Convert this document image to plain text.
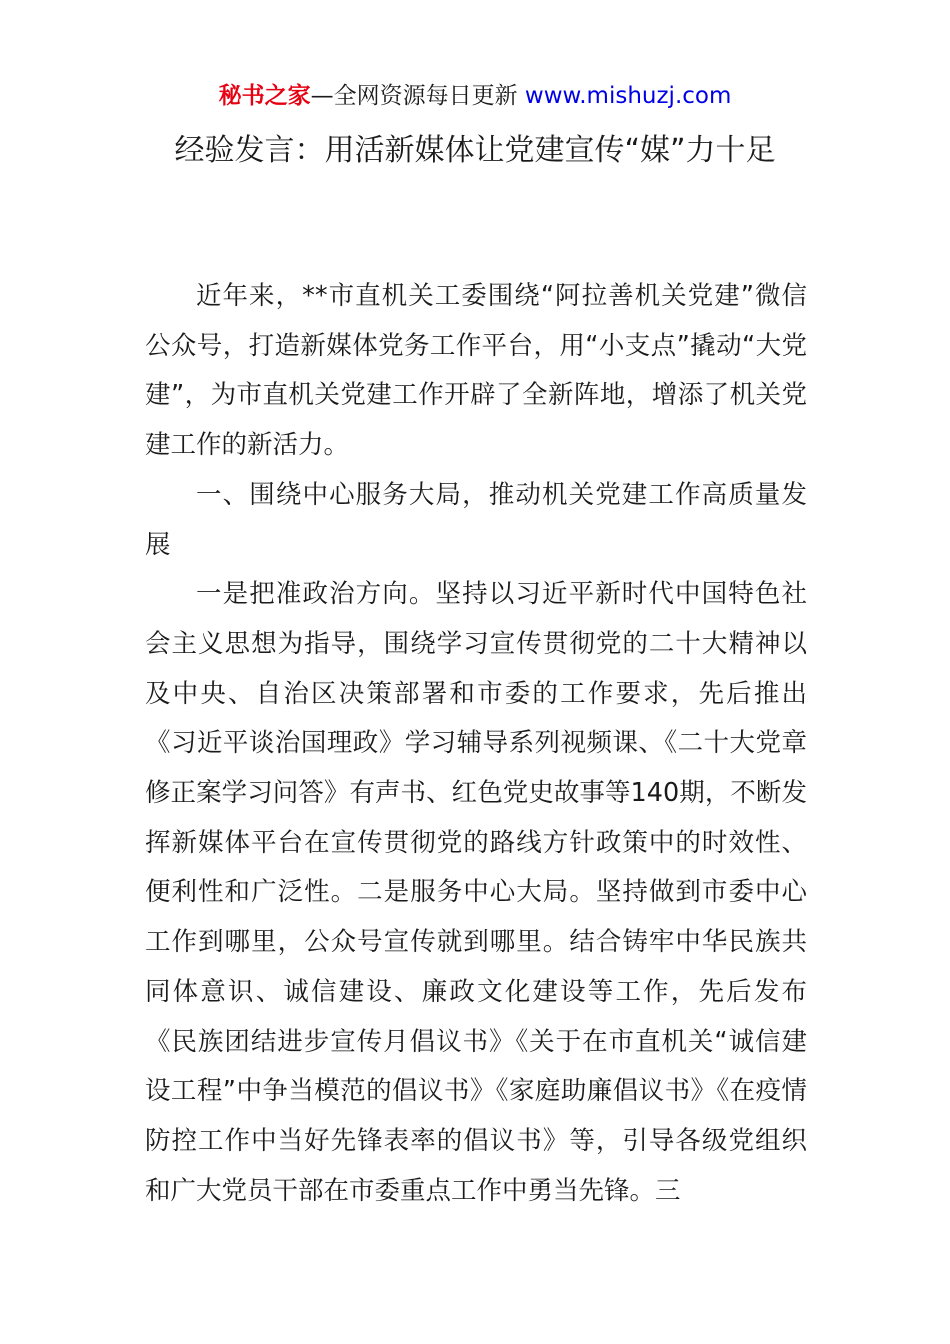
秘书之家—全网资源每日更新 www.mishuzj.com
经验发言：用活新媒体让党建宣传“媒”力十足

近年来，**市直机关工委围绕“阿拉善机关党建”微信公众号，打造新媒体党务工作平台，用“小支点”撬动“大党建”，为市直机关党建工作开辟了全新阵地，增添了机关党建工作的新活力。

一、围绕中心服务大局，推动机关党建工作高质量发展

一是把准政治方向。坚持以习近平新时代中国特色社会主义思想为指导，围绕学习宣传贯彻党的二十大精神以及中央、自治区决策部署和市委的工作要求，先后推出《习近平谈治国理政》学习辅导系列视频课、《二十大党章修正案学习问答》有声书、红色党史故事等140期，不断发挥新媒体平台在宣传贯彻党的路线方针政策中的时效性、便利性和广泛性。二是服务中心大局。坚持做到市委中心工作到哪里，公众号宣传就到哪里。结合铸牢中华民族共同体意识、诚信建设、廉政文化建设等工作，先后发布《民族团结进步宣传月倡议书》《关于在市直机关“诚信建设工程”中争当模范的倡议书》《家庭助廉倡议书》《在疫情防控工作中当好先锋表率的倡议书》等，引导各级党组织和广大党员干部在市委重点工作中勇当先锋。三
